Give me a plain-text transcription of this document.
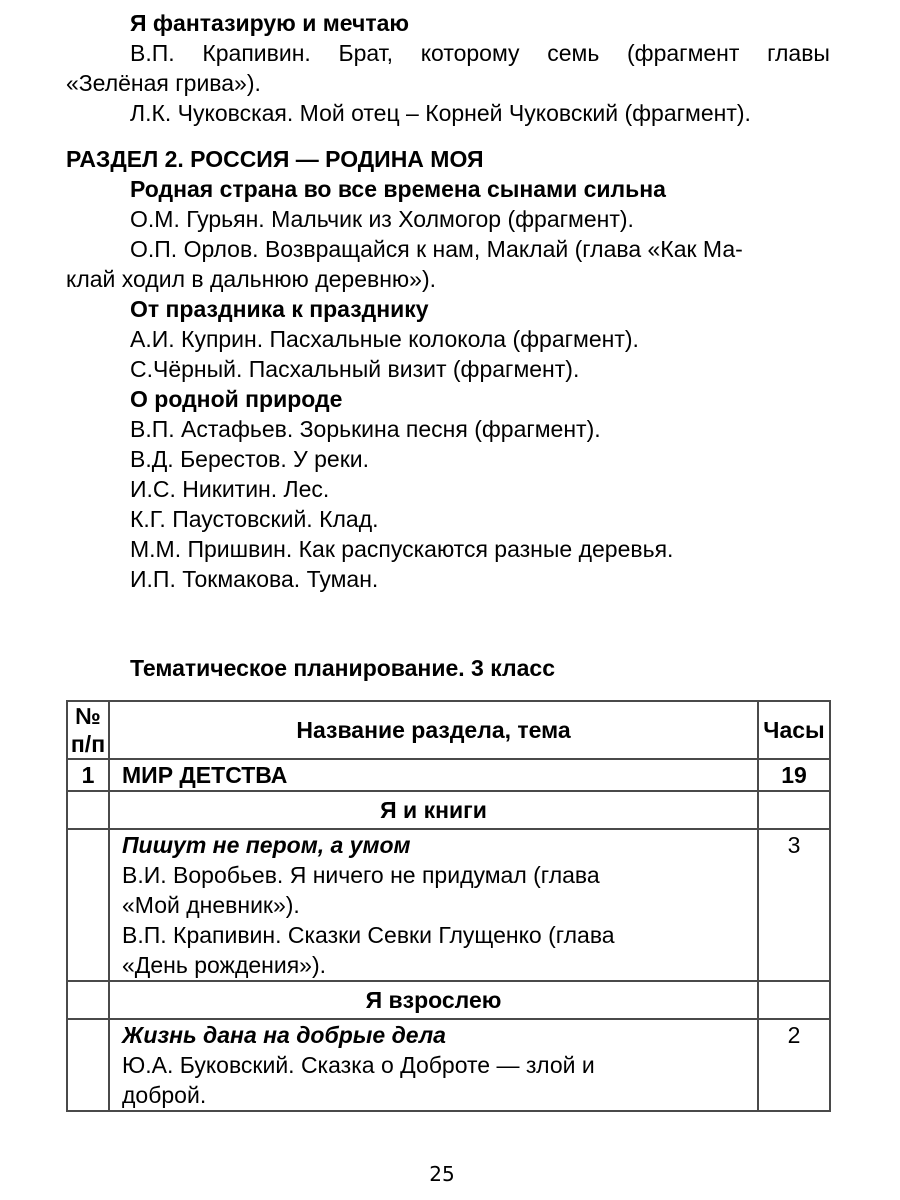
Я фантазирую и мечтаю
В.П. Крапивин. Брат, которому семь (фрагмент главы
«Зелёная грива»).
Л.К. Чуковская. Мой отец – Корней Чуковский (фрагмент).
РАЗДЕЛ 2. РОССИЯ — РОДИНА МОЯ
Родная страна во все времена сынами сильна
О.М. Гурьян. Мальчик из Холмогор (фрагмент).
О.П. Орлов. Возвращайся к нам, Маклай (глава «Как Ма-
клай ходил в дальнюю деревню»).
От праздника к празднику
А.И. Куприн. Пасхальные колокола (фрагмент).
С.Чёрный. Пасхальный визит (фрагмент).
О родной природе
В.П. Астафьев. Зорькина песня (фрагмент).
В.Д. Берестов. У реки.
И.С. Никитин. Лес.
К.Г. Паустовский. Клад.
М.М. Пришвин. Как распускаются разные деревья.
И.П. Токмакова. Туман.
Тематическое планирование. 3 класс
№
п/п	Название раздела, тема	Часы
1	МИР ДЕТСТВА	19
	Я и книги	

	Пишут не пером, а умом
В.И. Воробьев. Я ничего не придумал (глава
«Мой дневник»).
В.П. Крапивин. Сказки Севки Глущенко (глава
«День рождения»).	3
	Я взрослею	

	Жизнь дана на добрые дела
Ю.А. Буковский. Сказка о Доброте — злой и
доброй.	2
25
